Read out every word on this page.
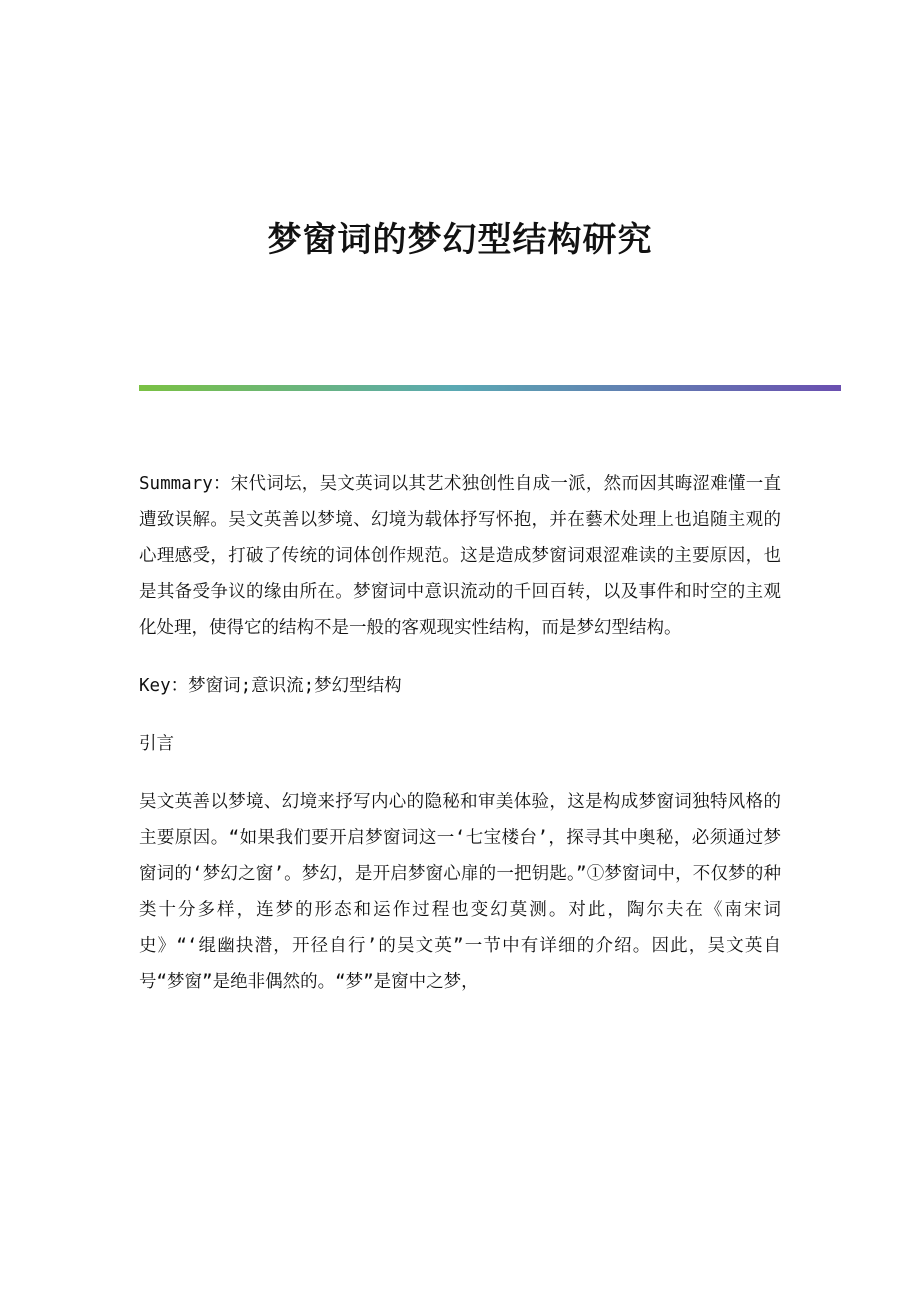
梦窗词的梦幻型结构研究

Summary：宋代词坛，吴文英词以其艺术独创性自成一派，然而因其晦涩难懂一直遭致误解。吴文英善以梦境、幻境为载体抒写怀抱，并在藝术处理上也追随主观的心理感受，打破了传统的词体创作规范。这是造成梦窗词艰涩难读的主要原因，也是其备受争议的缘由所在。梦窗词中意识流动的千回百转，以及事件和时空的主观化处理，使得它的结构不是一般的客观现实性结构，而是梦幻型结构。

Key：梦窗词;意识流;梦幻型结构

引言

吴文英善以梦境、幻境来抒写内心的隐秘和审美体验，这是构成梦窗词独特风格的主要原因。“如果我们要开启梦窗词这一‘七宝楼台’，探寻其中奥秘，必须通过梦窗词的‘梦幻之窗’。梦幻，是开启梦窗心扉的一把钥匙。”①梦窗词中，不仅梦的种类十分多样，连梦的形态和运作过程也变幻莫测。对此，陶尔夫在《南宋词史》“‘绲幽抉潜，开径自行’的吴文英”一节中有详细的介绍。因此，吴文英自号“梦窗”是绝非偶然的。“梦”是窗中之梦，
